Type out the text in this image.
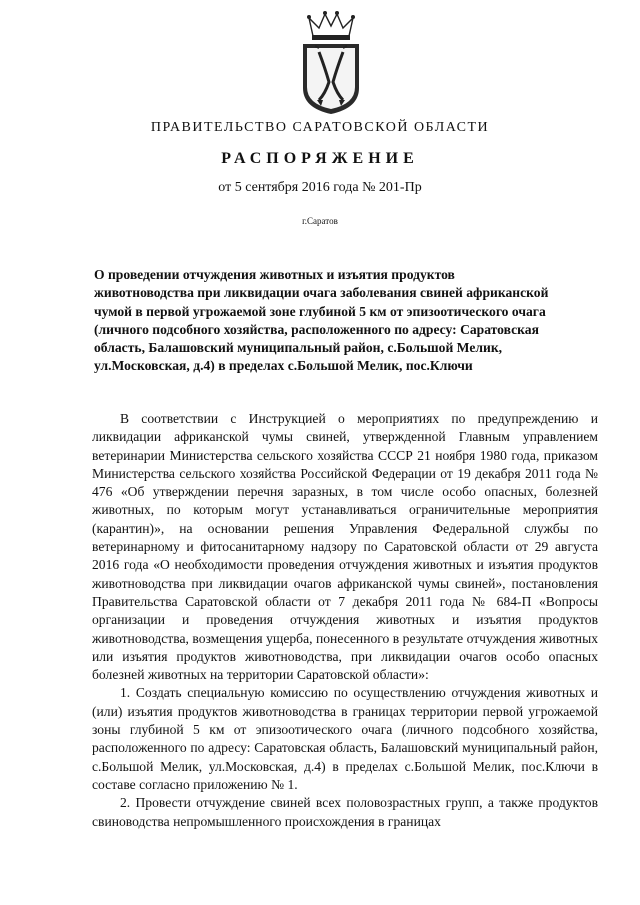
ПРАВИТЕЛЬСТВО САРАТОВСКОЙ ОБЛАСТИ
РАСПОРЯЖЕНИЕ
от 5 сентября 2016 года № 201-Пр
г.Саратов
О проведении отчуждения животных и изъятия продуктов животноводства при ликвидации очага заболевания свиней африканской чумой в первой угрожаемой зоне глубиной 5 км от эпизоотического очага (личного подсобного хозяйства, расположенного по адресу: Саратовская область, Балашовский муниципальный район, с.Большой Мелик, ул.Московская, д.4) в пределах с.Большой Мелик, пос.Ключи

В соответствии с Инструкцией о мероприятиях по предупреждению и ликвидации африканской чумы свиней, утвержденной Главным управлением ветеринарии Министерства сельского хозяйства СССР 21 ноября 1980 года, приказом Министерства сельского хозяйства Российской Федерации от 19 декабря 2011 года № 476 «Об утверждении перечня заразных, в том числе особо опасных, болезней животных, по которым могут устанавливаться ограничительные мероприятия (карантин)», на основании решения Управления Федеральной службы по ветеринарному и фитосанитарному надзору по Саратовской области от 29 августа 2016 года «О необходимости проведения отчуждения животных и изъятия продуктов животноводства при ликвидации очагов африканской чумы свиней», постановления Правительства Саратовской области от 7 декабря 2011 года № 684-П «Вопросы организации и проведения отчуждения животных и изъятия продуктов животноводства, возмещения ущерба, понесенного в результате отчуждения животных или изъятия продуктов животноводства, при ликвидации очагов особо опасных болезней животных на территории Саратовской области»:

1. Создать специальную комиссию по осуществлению отчуждения животных и (или) изъятия продуктов животноводства в границах территории первой угрожаемой зоны глубиной 5 км от эпизоотического очага (личного подсобного хозяйства, расположенного по адресу: Саратовская область, Балашовский муниципальный район, с.Большой Мелик, ул.Московская, д.4) в пределах с.Большой Мелик, пос.Ключи в составе согласно приложению № 1.

2. Провести отчуждение свиней всех половозрастных групп, а также продуктов свиноводства непромышленного происхождения в границах
